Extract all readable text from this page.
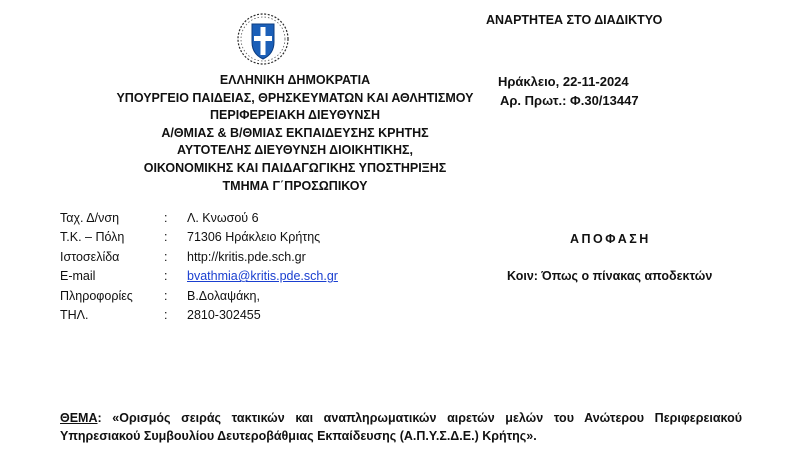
ΕΛΛΗΝΙΚΗ ΔΗΜΟΚΡΑΤΙΑ
ΥΠΟΥΡΓΕΙΟ ΠΑΙΔΕΙΑΣ, ΘΡΗΣΚΕΥΜΑΤΩΝ ΚΑΙ ΑΘΛΗΤΙΣΜΟΥ
ΠΕΡΙΦΕΡΕΙΑΚΗ ΔΙΕΥΘΥΝΣΗ
Α/ΘΜΙΑΣ & Β/ΘΜΙΑΣ ΕΚΠΑΙΔΕΥΣΗΣ ΚΡΗΤΗΣ
ΑΥΤΟΤΕΛΗΣ ΔΙΕΥΘΥΝΣΗ ΔΙΟΙΚΗΤΙΚΗΣ,
ΟΙΚΟΝΟΜΙΚΗΣ ΚΑΙ ΠΑΙΔΑΓΩΓΙΚΗΣ ΥΠΟΣΤΗΡΙΞΗΣ
ΤΜΗΜΑ Γ΄ΠΡΟΣΩΠΙΚΟΥ
ΑΝΑΡΤΗΤΕΑ ΣΤΟ ΔΙΑΔΙΚΤΥΟ
Ηράκλειο, 22-11-2024
Αρ. Πρωτ.: Φ.30/13447
Ταχ. Δ/νση	: Λ. Κνωσού 6
Τ.Κ. – Πόλη	: 71306 Ηράκλειο Κρήτης
Ιστοσελίδα	: http://kritis.pde.sch.gr
E-mail	: bvathmia@kritis.pde.sch.gr
Πληροφορίες : Β.Δολαψάκη,
ΤΗΛ.	: 2810-302455
ΑΠΟΦΑΣΗ
Κοιν: Όπως ο πίνακας αποδεκτών
ΘΕΜΑ: «Ορισμός σειράς τακτικών και αναπληρωματικών αιρετών μελών του Ανώτερου Περιφερειακού Υπηρεσιακού Συμβουλίου Δευτεροβάθμιας Εκπαίδευσης (Α.Π.Υ.Σ.Δ.Ε.) Κρήτης».
